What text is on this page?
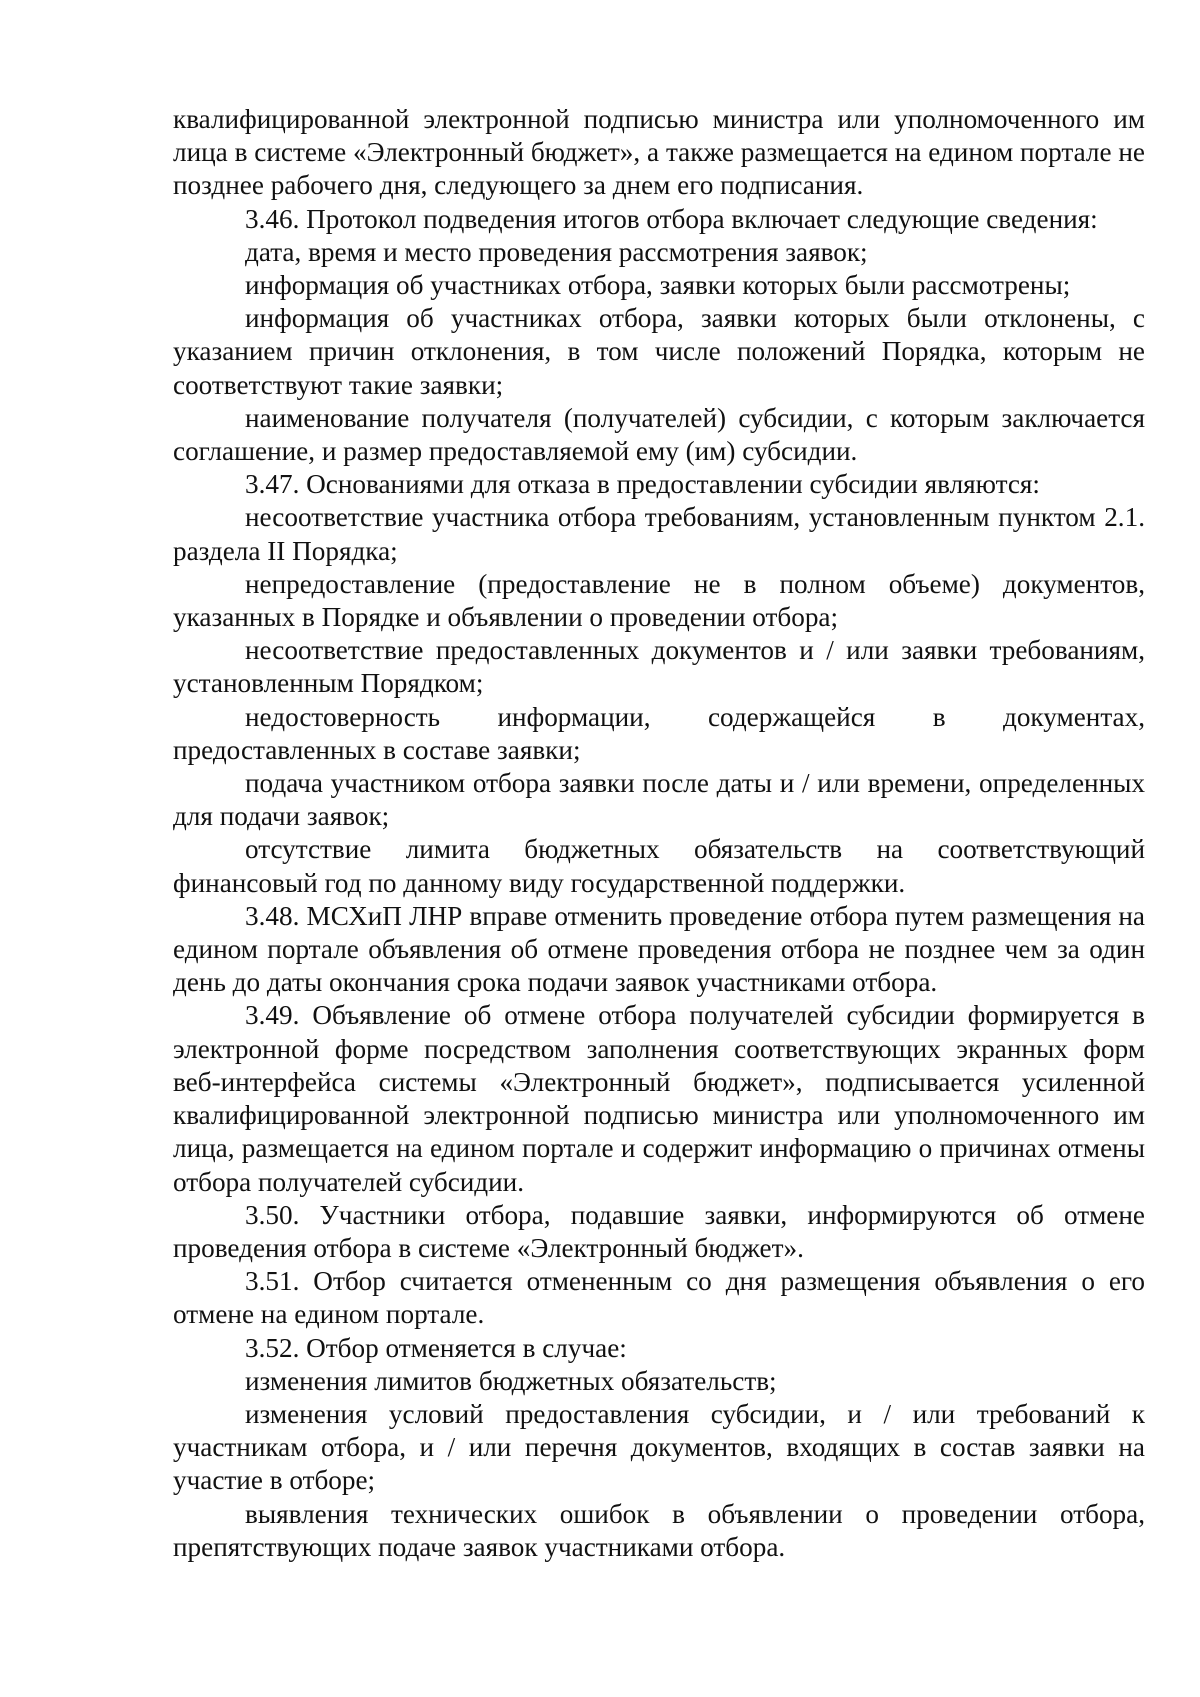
квалифицированной электронной подписью министра или уполномоченного им лица в системе «Электронный бюджет», а также размещается на едином портале не позднее рабочего дня, следующего за днем его подписания.

3.46. Протокол подведения итогов отбора включает следующие сведения:

дата, время и место проведения рассмотрения заявок;

информация об участниках отбора, заявки которых были рассмотрены;

информация об участниках отбора, заявки которых были отклонены, с указанием причин отклонения, в том числе положений Порядка, которым не соответствуют такие заявки;

наименование получателя (получателей) субсидии, с которым заключается соглашение, и размер предоставляемой ему (им) субсидии.

3.47. Основаниями для отказа в предоставлении субсидии являются:

несоответствие участника отбора требованиям, установленным пунктом 2.1. раздела II Порядка;

непредоставление (предоставление не в полном объеме) документов, указанных в Порядке и объявлении о проведении отбора;

несоответствие предоставленных документов и / или заявки требованиям, установленным Порядком;

недостоверность информации, содержащейся в документах, предоставленных в составе заявки;

подача участником отбора заявки после даты и / или времени, определенных для подачи заявок;

отсутствие лимита бюджетных обязательств на соответствующий финансовый год по данному виду государственной поддержки.

3.48. МСХиП ЛНР вправе отменить проведение отбора путем размещения на едином портале объявления об отмене проведения отбора не позднее чем за один день до даты окончания срока подачи заявок участниками отбора.

3.49. Объявление об отмене отбора получателей субсидии формируется в электронной форме посредством заполнения соответствующих экранных форм веб-интерфейса системы «Электронный бюджет», подписывается усиленной квалифицированной электронной подписью министра или уполномоченного им лица, размещается на едином портале и содержит информацию о причинах отмены отбора получателей субсидии.

3.50. Участники отбора, подавшие заявки, информируются об отмене проведения отбора в системе «Электронный бюджет».

3.51. Отбор считается отмененным со дня размещения объявления о его отмене на едином портале.

3.52. Отбор отменяется в случае:

изменения лимитов бюджетных обязательств;

изменения условий предоставления субсидии, и / или требований к участникам отбора, и / или перечня документов, входящих в состав заявки на участие в отборе;

выявления технических ошибок в объявлении о проведении отбора, препятствующих подаче заявок участниками отбора.
